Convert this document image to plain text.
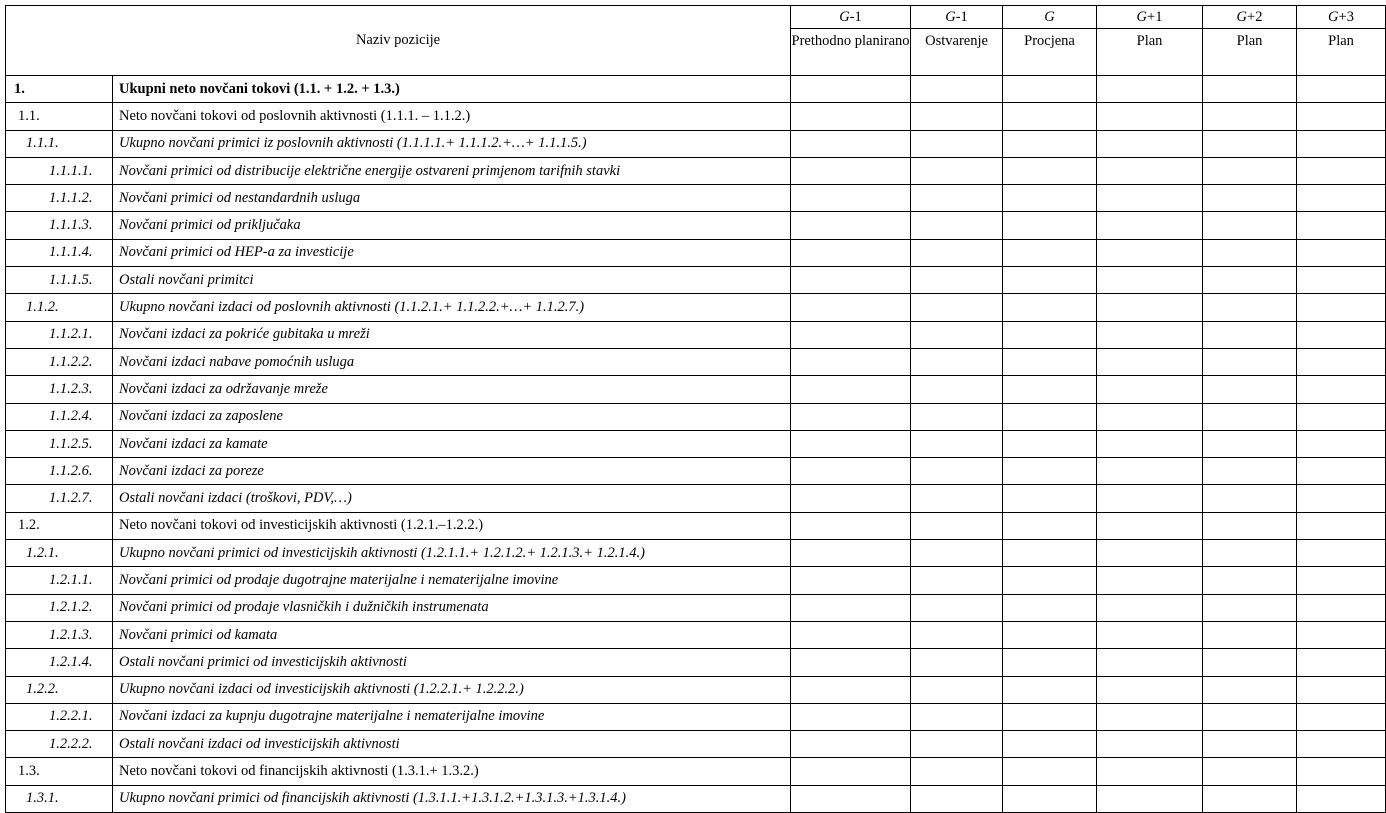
Naziv pozicije		G-1	G-1	G	G+1	G+2	G+3
		Prethodno planirano	Ostvarenje	Procjena	Plan	Plan	Plan
1.	Ukupni neto novčani tokovi (1.1. + 1.2. + 1.3.)						
1.1.	Neto novčani tokovi od poslovnih aktivnosti (1.1.1. – 1.1.2.)						
1.1.1.	Ukupno novčani primici iz poslovnih aktivnosti (1.1.1.1.+ 1.1.1.2.+…+ 1.1.1.5.)						
1.1.1.1.	Novčani primici od distribucije električne energije ostvareni primjenom tarifnih stavki						
1.1.1.2.	Novčani primici od nestandardnih usluga						
1.1.1.3.	Novčani primici od priključaka						
1.1.1.4.	Novčani primici od HEP-a za investicije						
1.1.1.5.	Ostali novčani primitci						
1.1.2.	Ukupno novčani izdaci od poslovnih aktivnosti (1.1.2.1.+ 1.1.2.2.+…+ 1.1.2.7.)						
1.1.2.1.	Novčani izdaci za pokriće gubitaka u mreži						
1.1.2.2.	Novčani izdaci nabave pomoćnih usluga						
1.1.2.3.	Novčani izdaci za održavanje mreže						
1.1.2.4.	Novčani izdaci za zaposlene						
1.1.2.5.	Novčani izdaci za kamate						
1.1.2.6.	Novčani izdaci za poreze						
1.1.2.7.	Ostali novčani izdaci (troškovi, PDV,…)						
1.2.	Neto novčani tokovi od investicijskih aktivnosti (1.2.1.–1.2.2.)						
1.2.1.	Ukupno novčani primici od investicijskih aktivnosti (1.2.1.1.+ 1.2.1.2.+ 1.2.1.3.+ 1.2.1.4.)						
1.2.1.1.	Novčani primici od prodaje dugotrajne materijalne i nematerijalne imovine						
1.2.1.2.	Novčani primici od prodaje vlasničkih i dužničkih instrumenata						
1.2.1.3.	Novčani primici od kamata						
1.2.1.4.	Ostali novčani primici od investicijskih aktivnosti						
1.2.2.	Ukupno novčani izdaci od investicijskih aktivnosti (1.2.2.1.+ 1.2.2.2.)						
1.2.2.1.	Novčani izdaci za kupnju dugotrajne materijalne i nematerijalne imovine						
1.2.2.2.	Ostali novčani izdaci od investicijskih aktivnosti						
1.3.	Neto novčani tokovi od financijskih aktivnosti (1.3.1.+ 1.3.2.)						
1.3.1.	Ukupno novčani primici od financijskih aktivnosti (1.3.1.1.+1.3.1.2.+1.3.1.3.+1.3.1.4.)						
